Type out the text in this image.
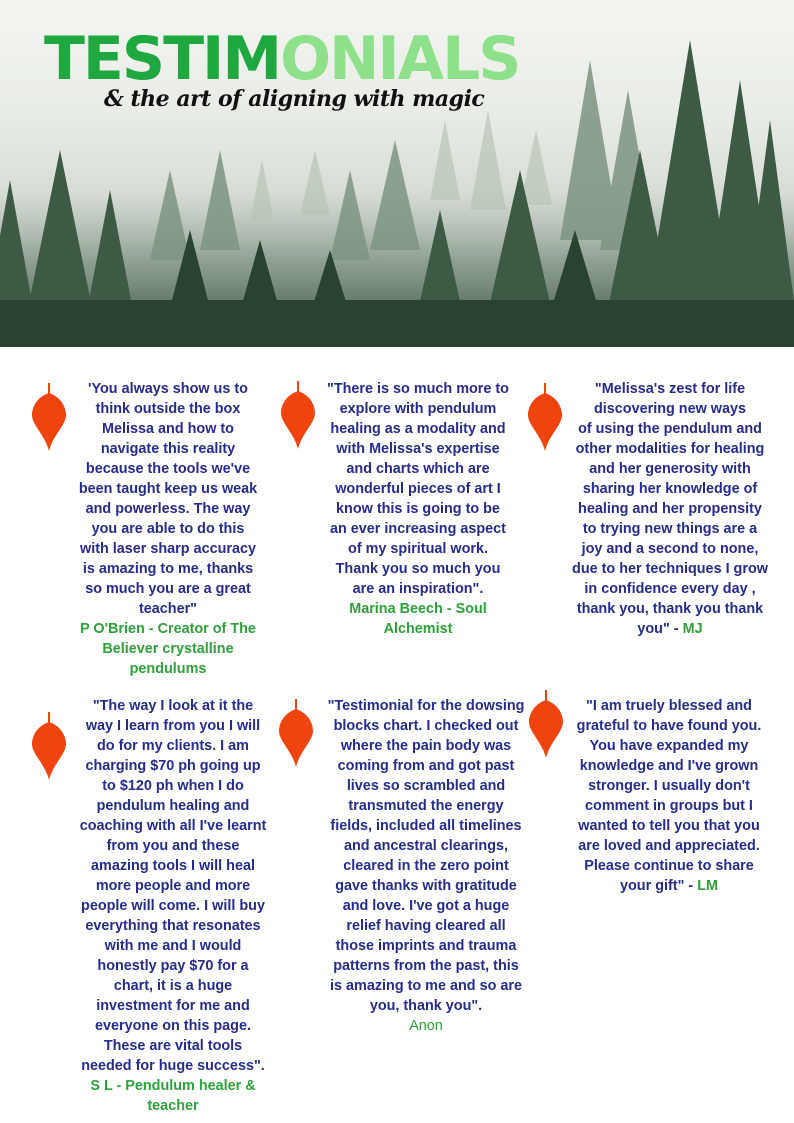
TESTIMONIALS
& the art of aligning with magic
'You always show us to
think outside the box
Melissa and how to
navigate this reality
because the tools we've
been taught keep us weak
and powerless. The way
you are able to do this
with laser sharp accuracy
is amazing to me, thanks
so much you are a great
teacher"
P O'Brien - Creator of The
Believer crystalline
pendulums
"There is so much more to
explore with pendulum
healing as a modality and
with Melissa's expertise
and charts which are
wonderful pieces of art I
know this is going to be
an ever increasing aspect
of my spiritual work.
Thank you so much you
are an inspiration".
Marina Beech - Soul
Alchemist
"Melissa's zest for life
discovering new ways
of using the pendulum and
other modalities for healing
and her generosity with
sharing her knowledge of
healing and her propensity
to trying new things are a
joy and a second to none,
due to her techniques I grow
in confidence every day ,
thank you, thank you thank
you" - MJ
"The way I look at it the
way I learn from you I will
do for my clients. I am
charging $70 ph going up
to $120 ph when I do
pendulum healing and
coaching with all I've learnt
from you and these
amazing tools I will heal
more people and more
people will come. I will buy
everything that resonates
with me and I would
honestly pay $70 for a
chart, it is a huge
investment for me and
everyone on this page.
These are vital tools
needed for huge success".
S L - Pendulum healer &
teacher
"Testimonial for the dowsing
blocks chart. I checked out
where the pain body was
coming from and got past
lives so scrambled and
transmuted the energy
fields, included all timelines
and ancestral clearings,
cleared in the zero point
gave thanks with gratitude
and love. I've got a huge
relief having cleared all
those imprints and trauma
patterns from the past, this
is amazing to me and so are
you, thank you".
Anon
"I am truely blessed and
grateful to have found you.
You have expanded my
knowledge and I've grown
stronger. I usually don't
comment in groups but I
wanted to tell you that you
are loved and appreciated.
Please continue to share
your gift" - LM
